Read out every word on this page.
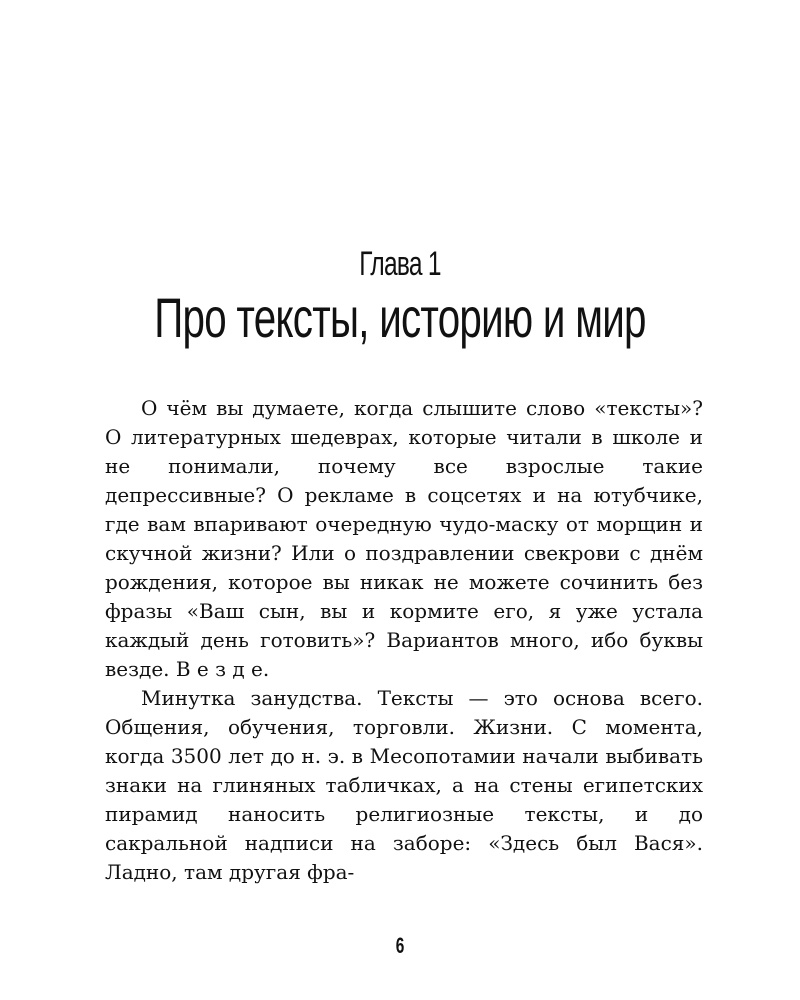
Глава 1
Про тексты, историю и мир

О чём вы думаете, когда слышите слово «тексты»? О литературных шедеврах, которые читали в школе и не понимали, почему все взрослые такие депрессивные? О рекламе в соцсетях и на ютубчике, где вам впаривают очередную чудо-маску от морщин и скучной жизни? Или о поздравлении свекрови с днём рождения, которое вы никак не можете сочинить без фразы «Ваш сын, вы и кормите его, я уже устала каждый день готовить»? Вариантов много, ибо буквы везде. В е з д е.

Минутка занудства. Тексты — это основа всего. Общения, обучения, торговли. Жизни. С момента, когда 3500 лет до н. э. в Месопотамии начали выбивать знаки на глиняных табличках, а на стены египетских пирамид наносить религиозные тексты, и до сакральной надписи на заборе: «Здесь был Вася». Ладно, там другая фра-

6
